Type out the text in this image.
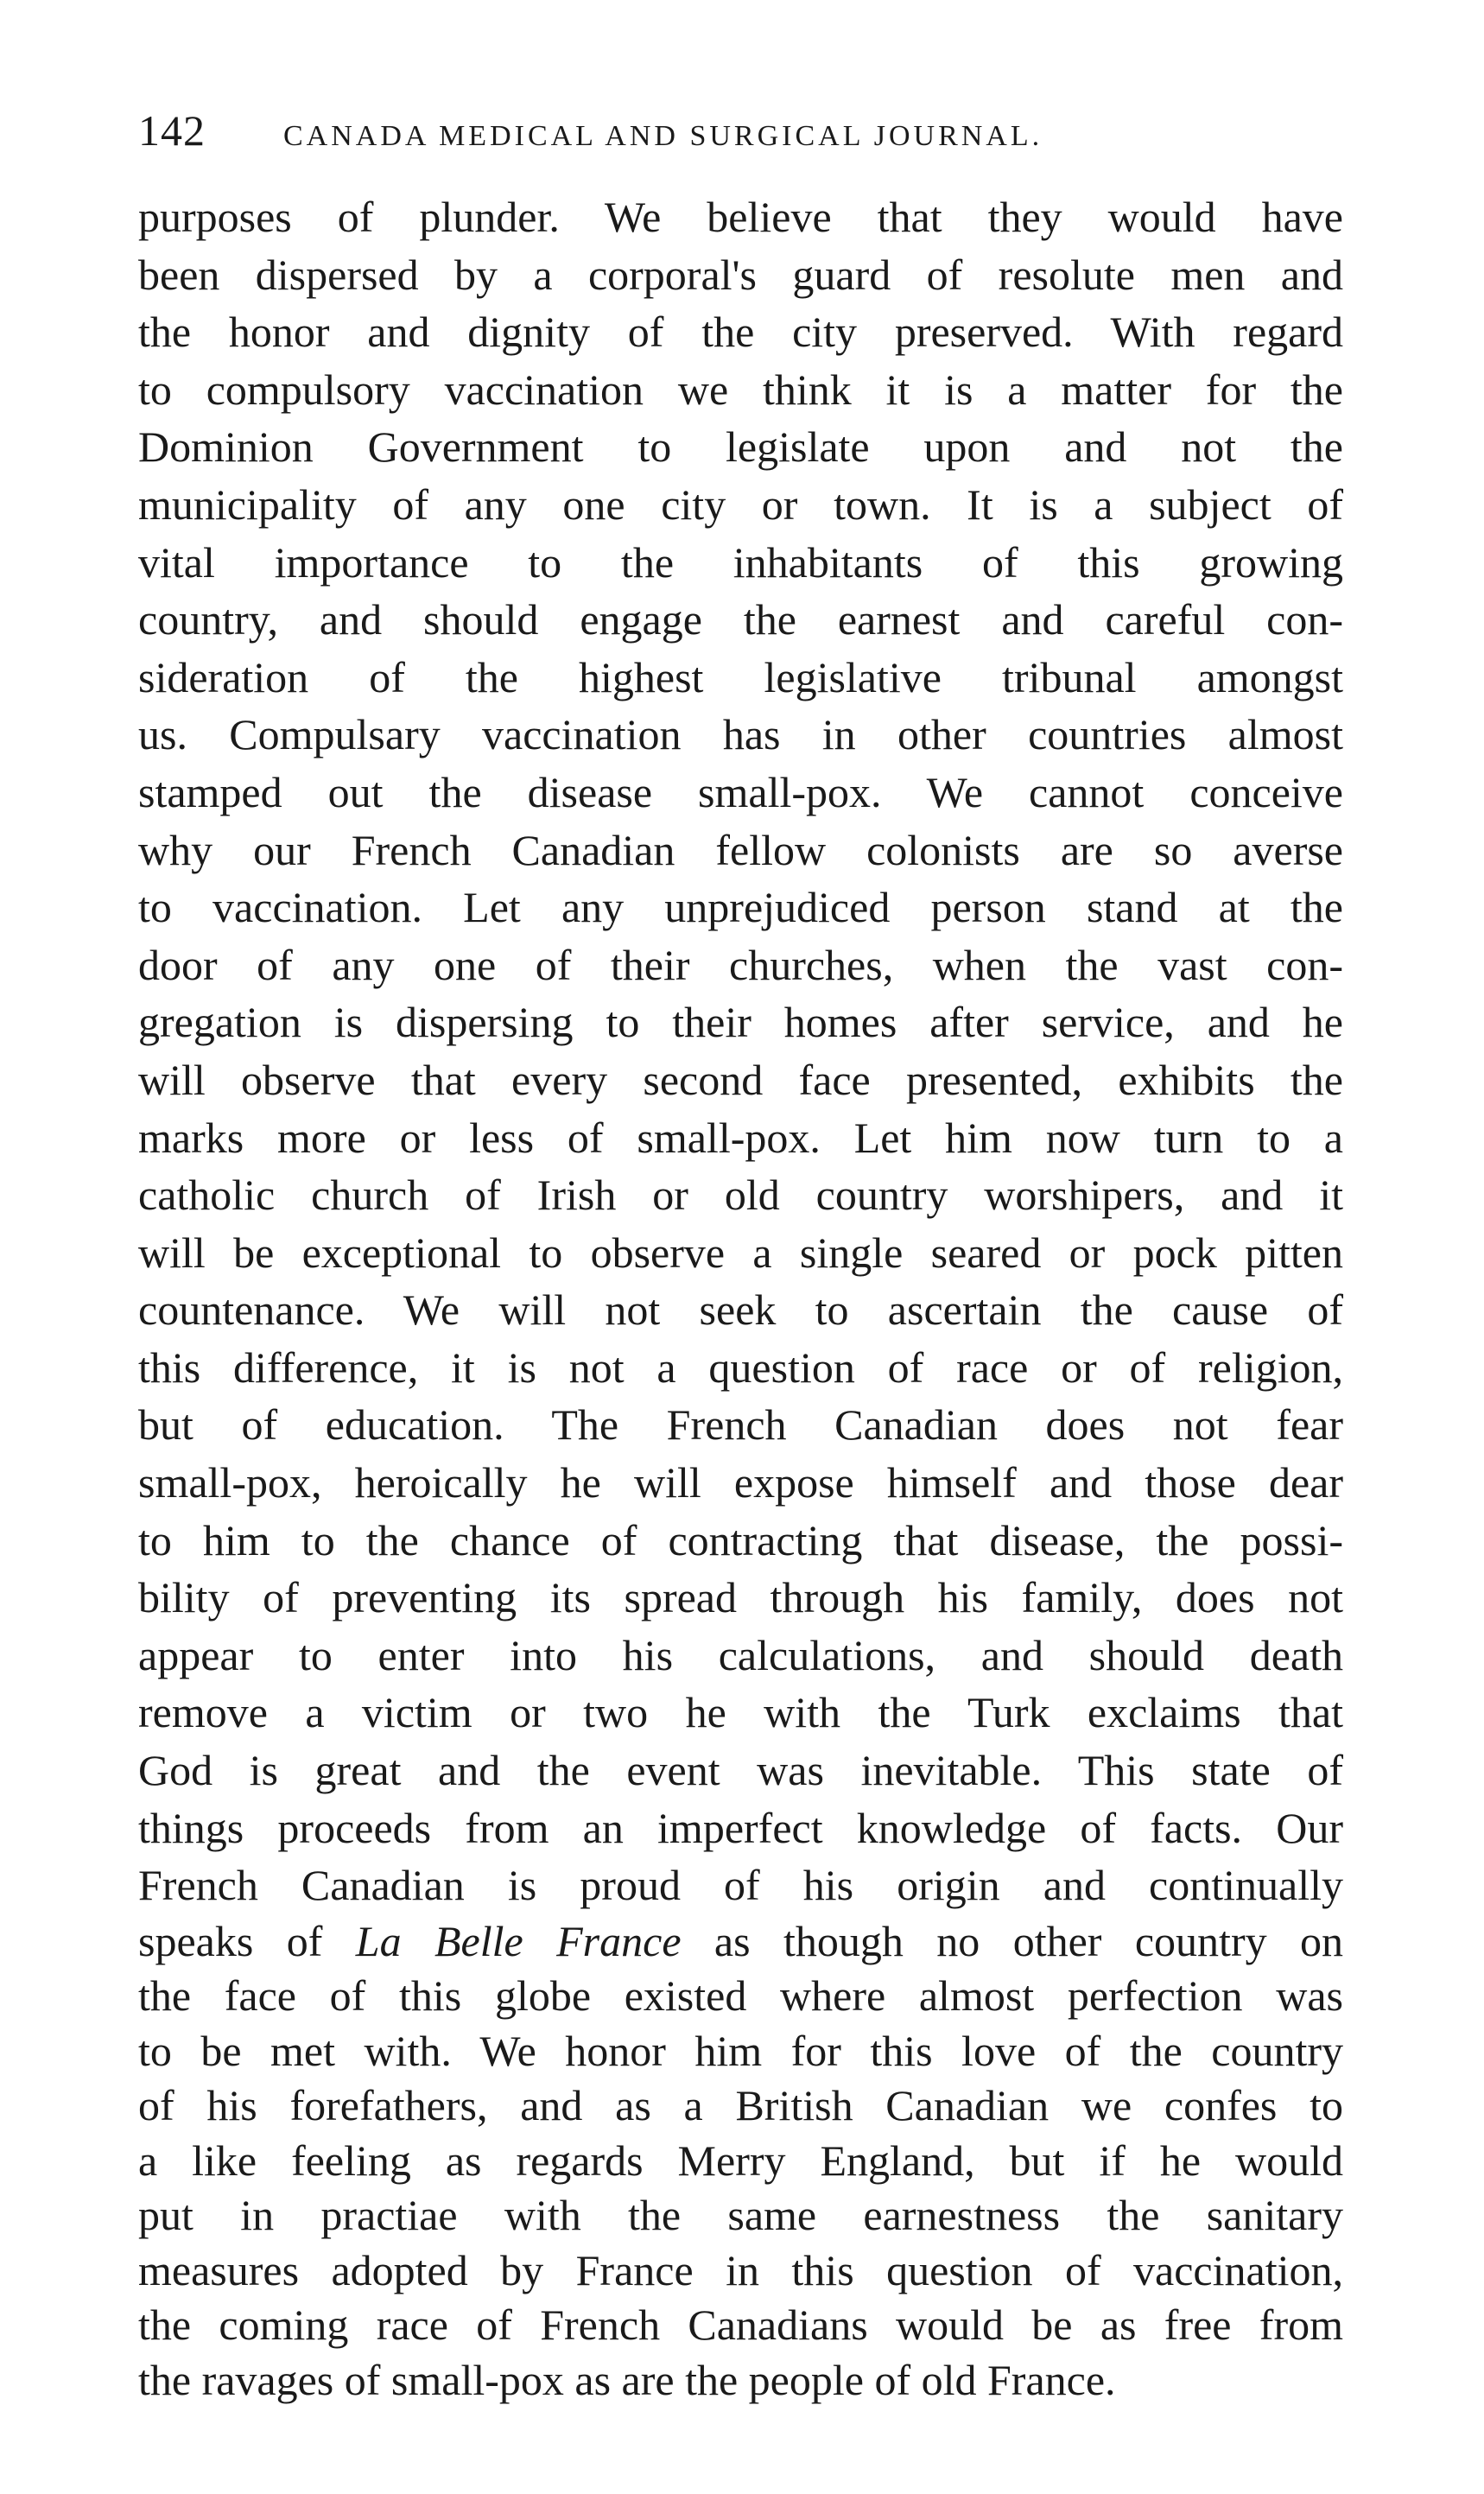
142	CANADA MEDICAL AND SURGICAL JOURNAL.
purposes of plunder. We believe that they would have
been dispersed by a corporal's guard of resolute men and
the honor and dignity of the city preserved. With regard
to compulsory vaccination we think it is a matter for the
Dominion Government to legislate upon and not the
municipality of any one city or town. It is a subject of
vital importance to the inhabitants of this growing
country, and should engage the earnest and careful con-
sideration of the highest legislative tribunal amongst
us. Compulsary vaccination has in other countries almost
stamped out the disease small-pox. We cannot conceive
why our French Canadian fellow colonists are so averse
to vaccination. Let any unprejudiced person stand at the
door of any one of their churches, when the vast con-
gregation is dispersing to their homes after service, and he
will observe that every second face presented, exhibits the
marks more or less of small-pox. Let him now turn to a
catholic church of Irish or old country worshipers, and it
will be exceptional to observe a single seared or pock pitten
countenance. We will not seek to ascertain the cause of
this difference, it is not a question of race or of religion,
but of education. The French Canadian does not fear
small-pox, heroically he will expose himself and those dear
to him to the chance of contracting that disease, the possi-
bility of preventing its spread through his family, does not
appear to enter into his calculations, and should death
remove a victim or two he with the Turk exclaims that
God is great and the event was inevitable. This state of
things proceeds from an imperfect knowledge of facts. Our
French Canadian is proud of his origin and continually
speaks of La Belle France as though no other country on
the face of this globe existed where almost perfection was
to be met with. We honor him for this love of the country
of his forefathers, and as a British Canadian we confes to
a like feeling as regards Merry England, but if he would
put in practiae with the same earnestness the sanitary
measures adopted by France in this question of vaccination,
the coming race of French Canadians would be as free from
the ravages of small-pox as are the people of old France.
